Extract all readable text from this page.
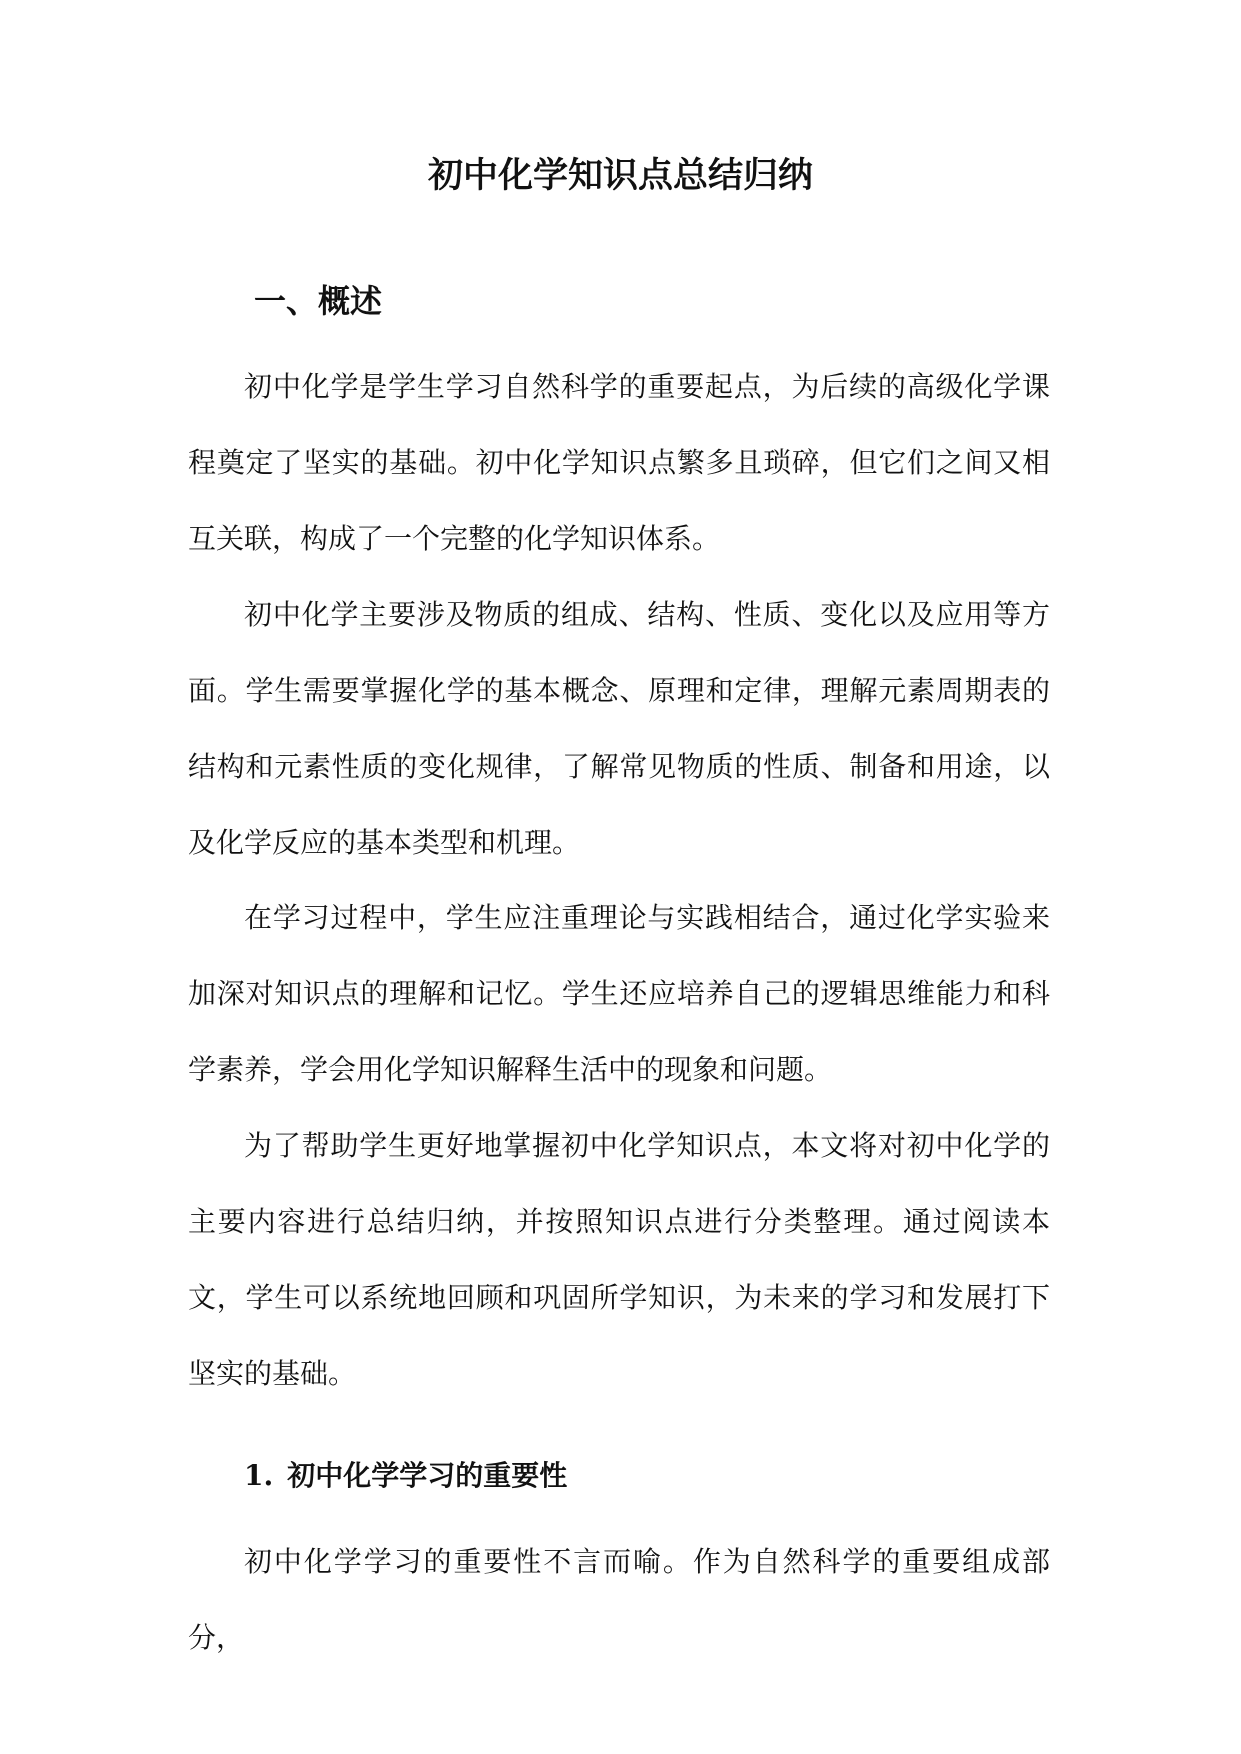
初中化学知识点总结归纳
一、概述

初中化学是学生学习自然科学的重要起点，为后续的高级化学课程奠定了坚实的基础。初中化学知识点繁多且琐碎，但它们之间又相互关联，构成了一个完整的化学知识体系。

初中化学主要涉及物质的组成、结构、性质、变化以及应用等方面。学生需要掌握化学的基本概念、原理和定律，理解元素周期表的结构和元素性质的变化规律，了解常见物质的性质、制备和用途，以及化学反应的基本类型和机理。

在学习过程中，学生应注重理论与实践相结合，通过化学实验来加深对知识点的理解和记忆。学生还应培养自己的逻辑思维能力和科学素养，学会用化学知识解释生活中的现象和问题。

为了帮助学生更好地掌握初中化学知识点，本文将对初中化学的主要内容进行总结归纳，并按照知识点进行分类整理。通过阅读本文，学生可以系统地回顾和巩固所学知识，为未来的学习和发展打下坚实的基础。

1. 初中化学学习的重要性

初中化学学习的重要性不言而喻。作为自然科学的重要组成部分，
